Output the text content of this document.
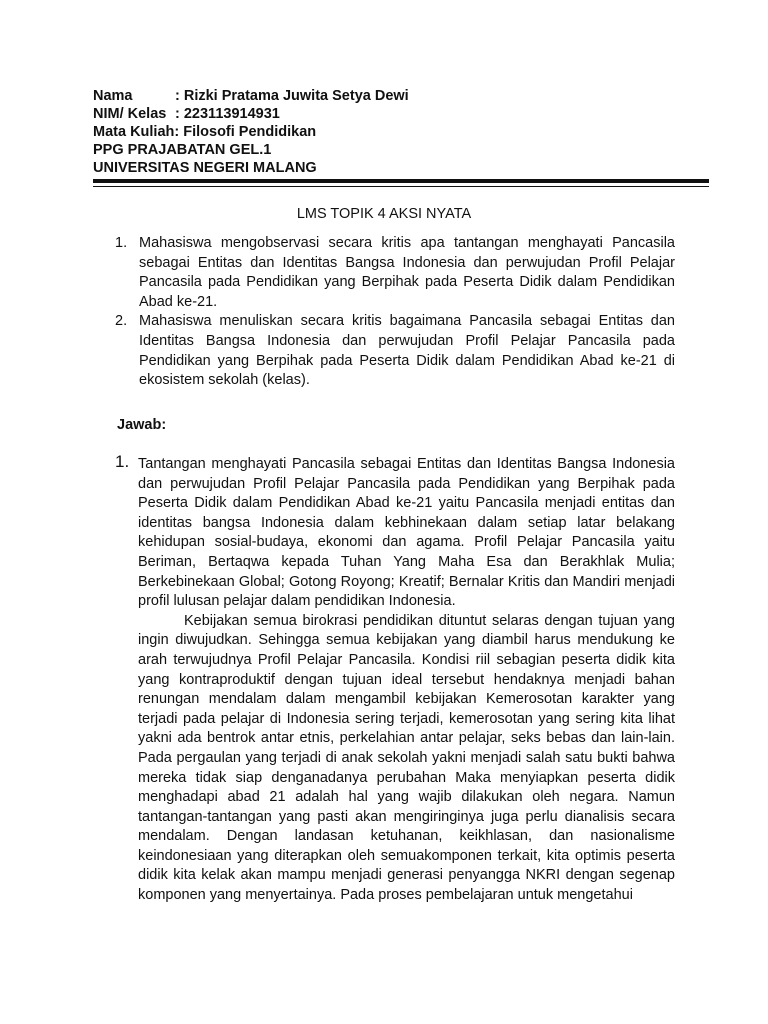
Nama	: Rizki Pratama Juwita Setya Dewi
NIM/ Kelas : 223113914931
Mata Kuliah: Filosofi Pendidikan
PPG PRAJABATAN GEL.1
UNIVERSITAS NEGERI MALANG
LMS TOPIK 4 AKSI NYATA
1. Mahasiswa mengobservasi secara kritis apa tantangan menghayati Pancasila sebagai Entitas dan Identitas Bangsa Indonesia dan perwujudan Profil Pelajar Pancasila pada Pendidikan yang Berpihak pada Peserta Didik dalam Pendidikan Abad ke-21.
2. Mahasiswa menuliskan secara kritis bagaimana Pancasila sebagai Entitas dan Identitas Bangsa Indonesia dan perwujudan Profil Pelajar Pancasila pada Pendidikan yang Berpihak pada Peserta Didik dalam Pendidikan Abad ke-21 di ekosistem sekolah (kelas).
Jawab:
1. Tantangan menghayati Pancasila sebagai Entitas dan Identitas Bangsa Indonesia dan perwujudan Profil Pelajar Pancasila pada Pendidikan yang Berpihak pada Peserta Didik dalam Pendidikan Abad ke-21 yaitu Pancasila menjadi entitas dan identitas bangsa Indonesia dalam kebhinekaan dalam setiap latar belakang kehidupan sosial-budaya, ekonomi dan agama. Profil Pelajar Pancasila yaitu Beriman, Bertaqwa kepada Tuhan Yang Maha Esa dan Berakhlak Mulia; Berkebinekaan Global; Gotong Royong; Kreatif; Bernalar Kritis dan Mandiri menjadi profil lulusan pelajar dalam pendidikan Indonesia.

Kebijakan semua birokrasi pendidikan dituntut selaras dengan tujuan yang ingin diwujudkan. Sehingga semua kebijakan yang diambil harus mendukung ke arah terwujudnya Profil Pelajar Pancasila. Kondisi riil sebagian peserta didik kita yang kontraproduktif dengan tujuan ideal tersebut hendaknya menjadi bahan renungan mendalam dalam mengambil kebijakan Kemerosotan karakter yang terjadi pada pelajar di Indonesia sering terjadi, kemerosotan yang sering kita lihat yakni ada bentrok antar etnis, perkelahian antar pelajar, seks bebas dan lain-lain. Pada pergaulan yang terjadi di anak sekolah yakni menjadi salah satu bukti bahwa mereka tidak siap denganadanya perubahan Maka menyiapkan peserta didik menghadapi abad 21 adalah hal yang wajib dilakukan oleh negara. Namun tantangan-tantangan yang pasti akan mengiringinya juga perlu dianalisis secara mendalam. Dengan landasan ketuhanan, keikhlasan, dan nasionalisme keindonesiaan yang diterapkan oleh semuakomponen terkait, kita optimis peserta didik kita kelak akan mampu menjadi generasi penyangga NKRI dengan segenap komponen yang menyertainya. Pada proses pembelajaran untuk mengetahui
